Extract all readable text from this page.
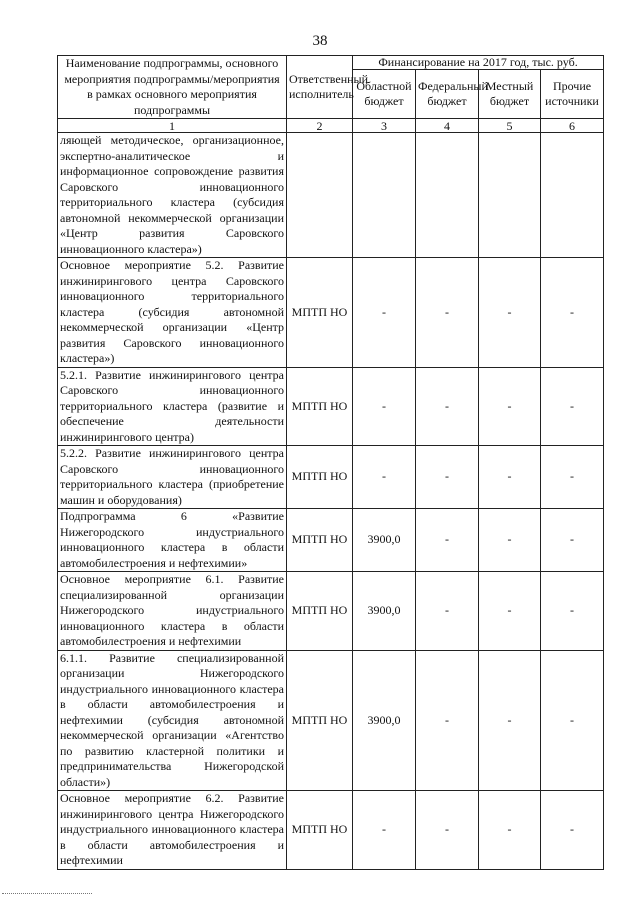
38
Наименование подпрограммы, основного мероприятия подпрограммы/мероприятия в рамках основного мероприятия подпрограммы	Ответственный исполнитель	Финансирование на 2017 год, тыс. руб.			
		Областной бюджет	Федеральный бюджет	Местный бюджет	Прочие источники
1	2	3	4	5	6
ляющей методическое, организационное, экспертно-аналитическое и информационное сопровождение развития Саровского инновационного территориального кластера (субсидия автономной некоммерческой организации «Центр развития Саровского инновационного кластера»)					
Основное мероприятие 5.2. Развитие инжинирингового центра Саровского инновационного территориального кластера (субсидия автономной некоммерческой организации «Центр развития Саровского инновационного кластера»)	МПТП НО	-	-	-	-
5.2.1. Развитие инжинирингового центра Саровского инновационного территориального кластера (развитие и обеспечение деятельности инжинирингового центра)	МПТП НО	-	-	-	-
5.2.2. Развитие инжинирингового центра Саровского инновационного территориального кластера (приобретение машин и оборудования)	МПТП НО	-	-	-	-
Подпрограмма 6 «Развитие Нижегородского индустриального инновационного кластера в области автомобилестроения и нефтехимии»	МПТП НО	3900,0	-	-	-
Основное мероприятие 6.1. Развитие специализированной организации Нижегородского индустриального инновационного кластера в области автомобилестроения и нефтехимии	МПТП НО	3900,0	-	-	-
6.1.1. Развитие специализированной организации Нижегородского индустриального инновационного кластера в области автомобилестроения и нефтехимии (субсидия автономной некоммерческой организации «Агентство по развитию кластерной политики и предпринимательства Нижегородской области»)	МПТП НО	3900,0	-	-	-
Основное мероприятие 6.2. Развитие инжинирингового центра Нижегородского индустриального инновационного кластера в области автомобилестроения и нефтехимии	МПТП НО	-	-	-	-
